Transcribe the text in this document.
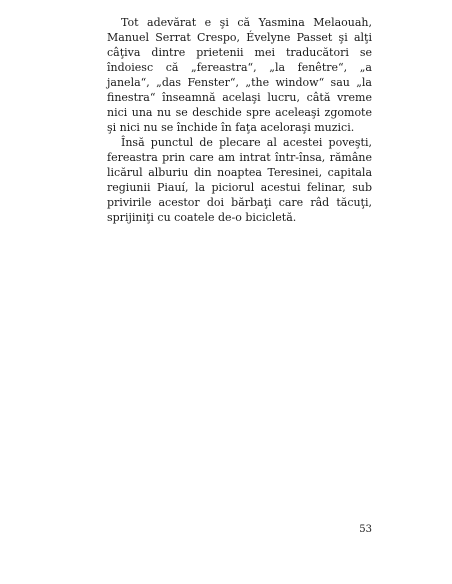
Tot adevărat e şi că Yasmina Melaouah, Manuel Serrat Crespo, Évelyne Passet şi alţi câţiva dintre prietenii mei traducători se îndoiesc că „fereastra“, „la fenêtre“, „a janela“, „das Fenster“, „the window“ sau „la finestra“ înseamnă acelaşi lucru, câtă vreme nici una nu se deschide spre aceleaşi zgomote şi nici nu se închide în faţa aceloraşi muzici.

Însă punctul de plecare al acestei poveşti, fereastra prin care am intrat într-însa, rămâne licărul alburiu din noaptea Teresinei, capitala regiunii Piauí, la piciorul acestui felinar, sub privirile acestor doi bărbaţi care râd tăcuţi, sprijiniţi cu coatele de-o bicicletă.

53
